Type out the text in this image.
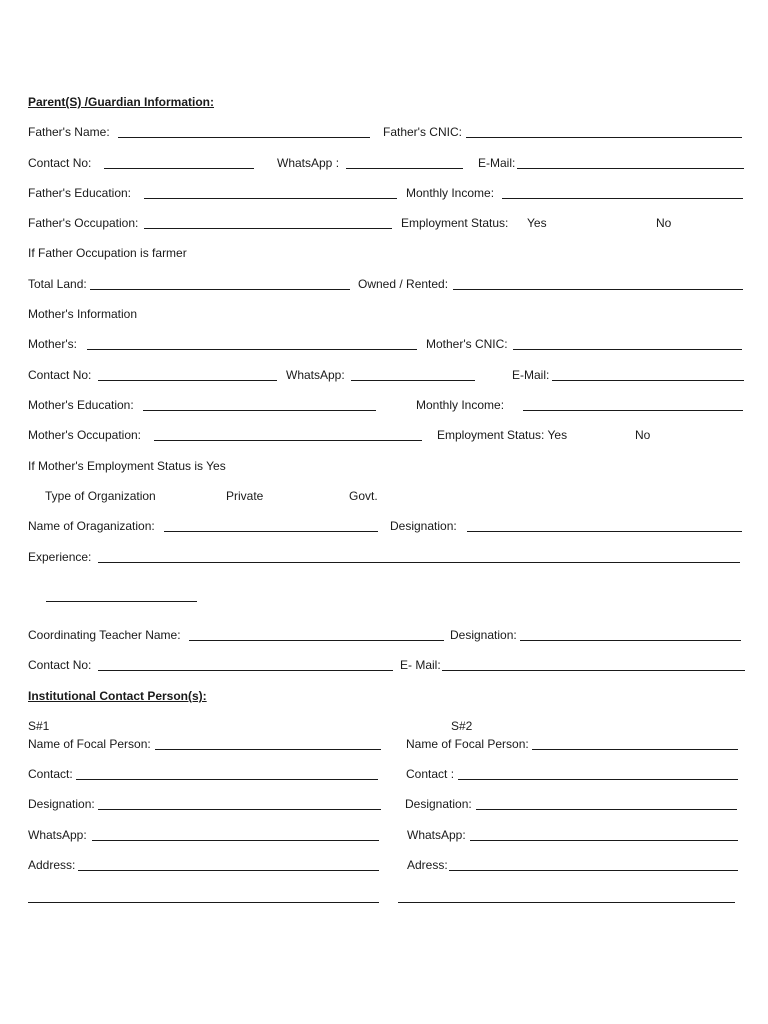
Parent(S) /Guardian Information:
Father's Name:	Father's CNIC:
Contact No:	WhatsApp :	E-Mail:
Father's Education:	Monthly Income:
Father's Occupation:	Employment Status: Yes	No
If Father Occupation is farmer
Total Land:	Owned / Rented:
Mother's Information
Mother's:	Mother's CNIC:
Contact No:	WhatsApp:	E-Mail:
Mother's Education:	Monthly Income:
Mother's Occupation:	Employment Status: Yes	No
If Mother's Employment Status is Yes
Type of Organization	Private	Govt.
Name of Oraganization:	Designation:
Experience:
Coordinating Teacher Name:	Designation:
Contact No:	E- Mail:
Institutional Contact Person(s):
S#1
Name of Focal Person:
Contact:
Designation:
WhatsApp:
Address:
S#2
Name of Focal Person:
Contact :
Designation:
WhatsApp:
Adress:
